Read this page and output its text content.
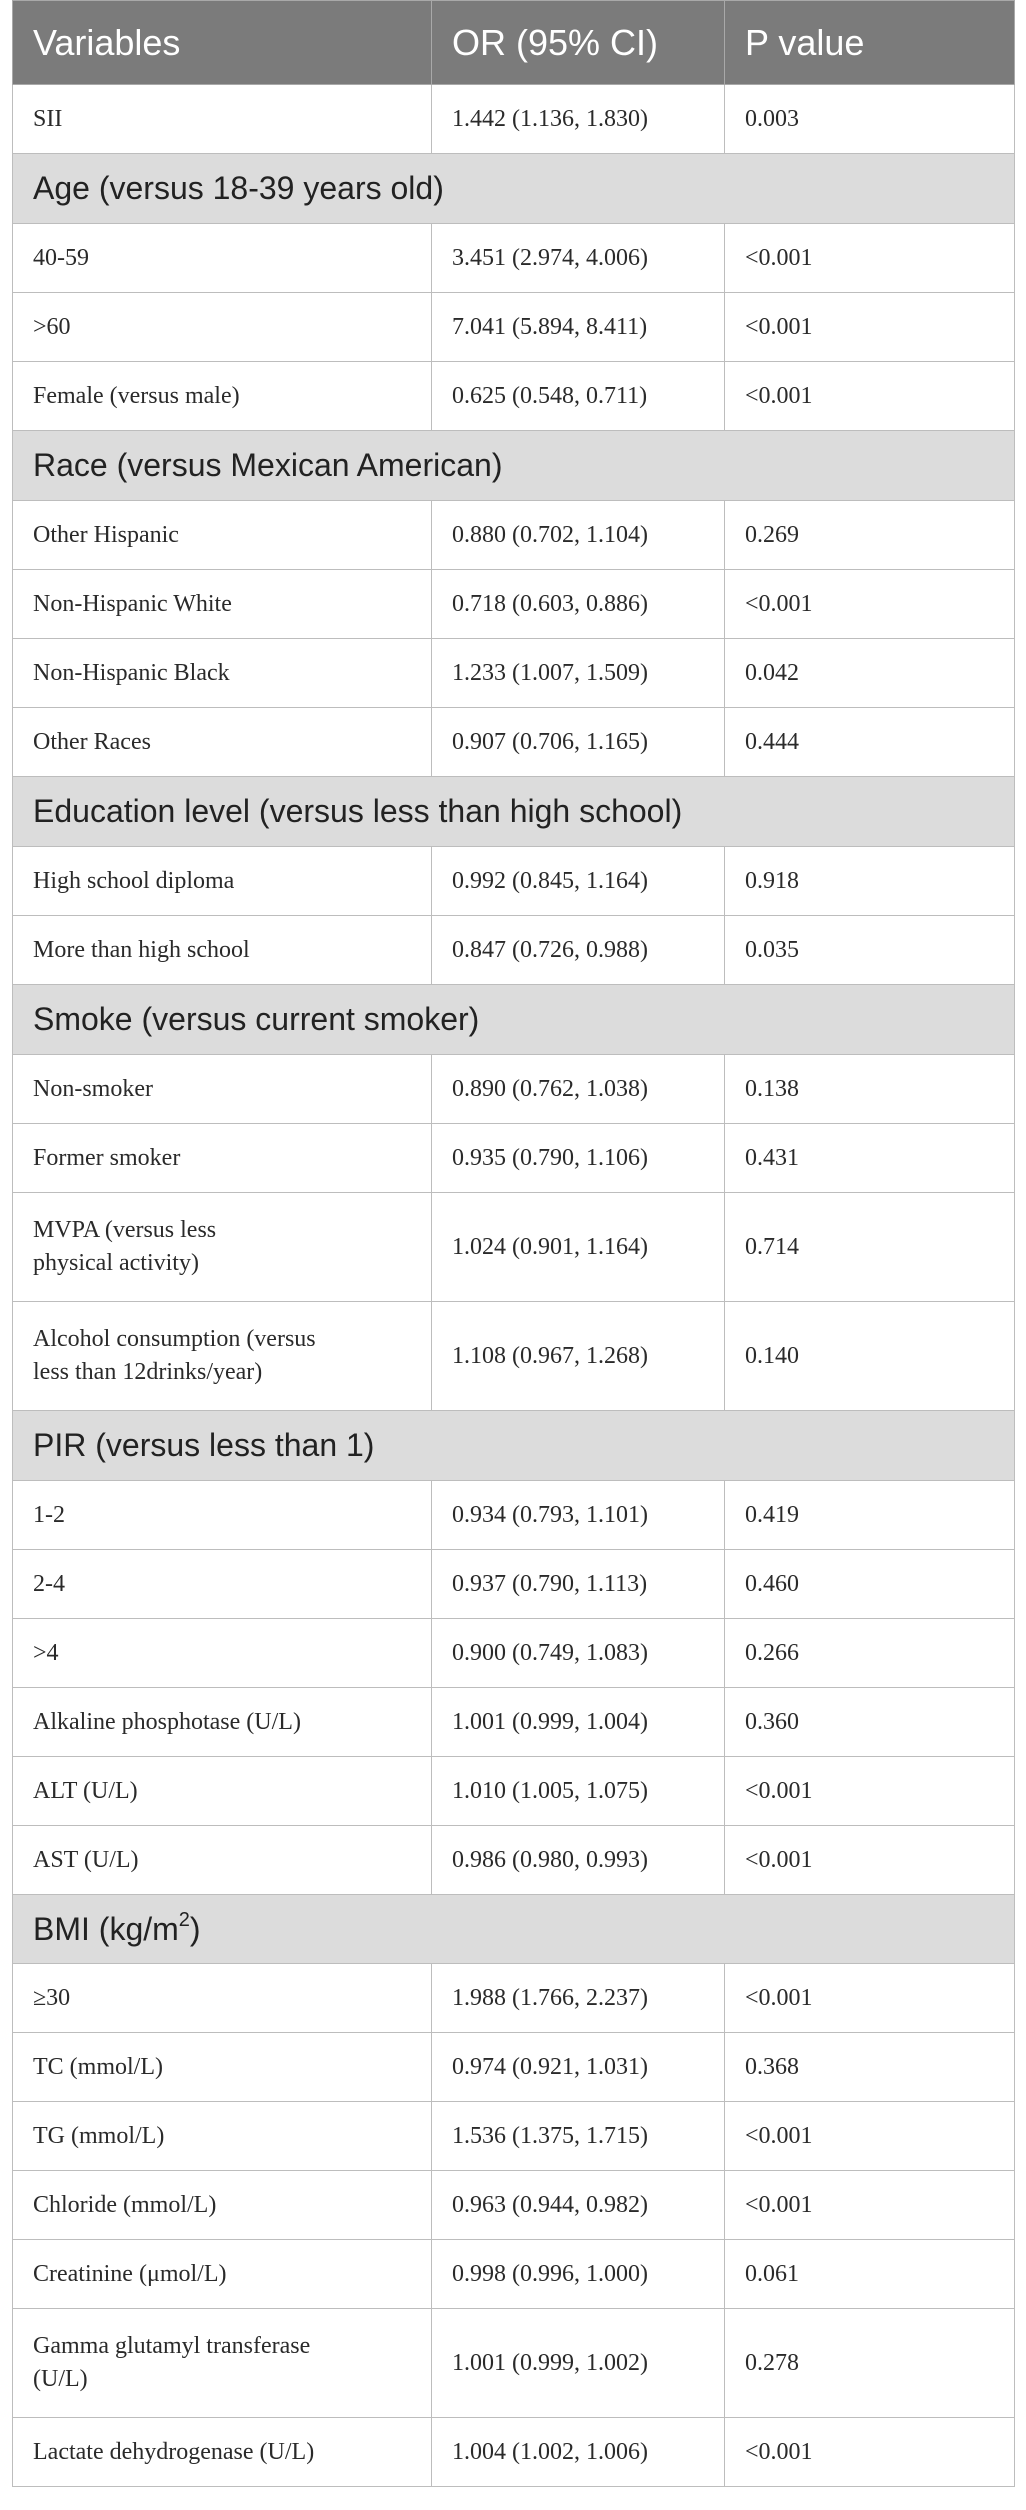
Variables	OR (95% CI)	P value
SII	1.442 (1.136, 1.830)	0.003
Age (versus 18-39 years old)		
40-59	3.451 (2.974, 4.006)	<0.001
>60	7.041 (5.894, 8.411)	<0.001
Female (versus male)	0.625 (0.548, 0.711)	<0.001
Race (versus Mexican American)		
Other Hispanic	0.880 (0.702, 1.104)	0.269
Non-Hispanic White	0.718 (0.603, 0.886)	<0.001
Non-Hispanic Black	1.233 (1.007, 1.509)	0.042
Other Races	0.907 (0.706, 1.165)	0.444
Education level (versus less than high school)		
High school diploma	0.992 (0.845, 1.164)	0.918
More than high school	0.847 (0.726, 0.988)	0.035
Smoke (versus current smoker)		
Non-smoker	0.890 (0.762, 1.038)	0.138
Former smoker	0.935 (0.790, 1.106)	0.431
MVPA (versus less
physical activity)	1.024 (0.901, 1.164)	0.714
Alcohol consumption (versus
less than 12drinks/year)	1.108 (0.967, 1.268)	0.140
PIR (versus less than 1)		
1-2	0.934 (0.793, 1.101)	0.419
2-4	0.937 (0.790, 1.113)	0.460
>4	0.900 (0.749, 1.083)	0.266
Alkaline phosphotase (U/L)	1.001 (0.999, 1.004)	0.360
ALT (U/L)	1.010 (1.005, 1.075)	<0.001
AST (U/L)	0.986 (0.980, 0.993)	<0.001
BMI $(kg/m^2)$		
≥30	1.988 (1.766, 2.237)	<0.001
TC (mmol/L)	0.974 (0.921, 1.031)	0.368
TG (mmol/L)	1.536 (1.375, 1.715)	<0.001
Chloride (mmol/L)	0.963 (0.944, 0.982)	<0.001
Creatinine (μmol/L)	0.998 (0.996, 1.000)	0.061
Gamma glutamyl transferase
(U/L)	1.001 (0.999, 1.002)	0.278
Lactate dehydrogenase (U/L)	1.004 (1.002, 1.006)	<0.001
